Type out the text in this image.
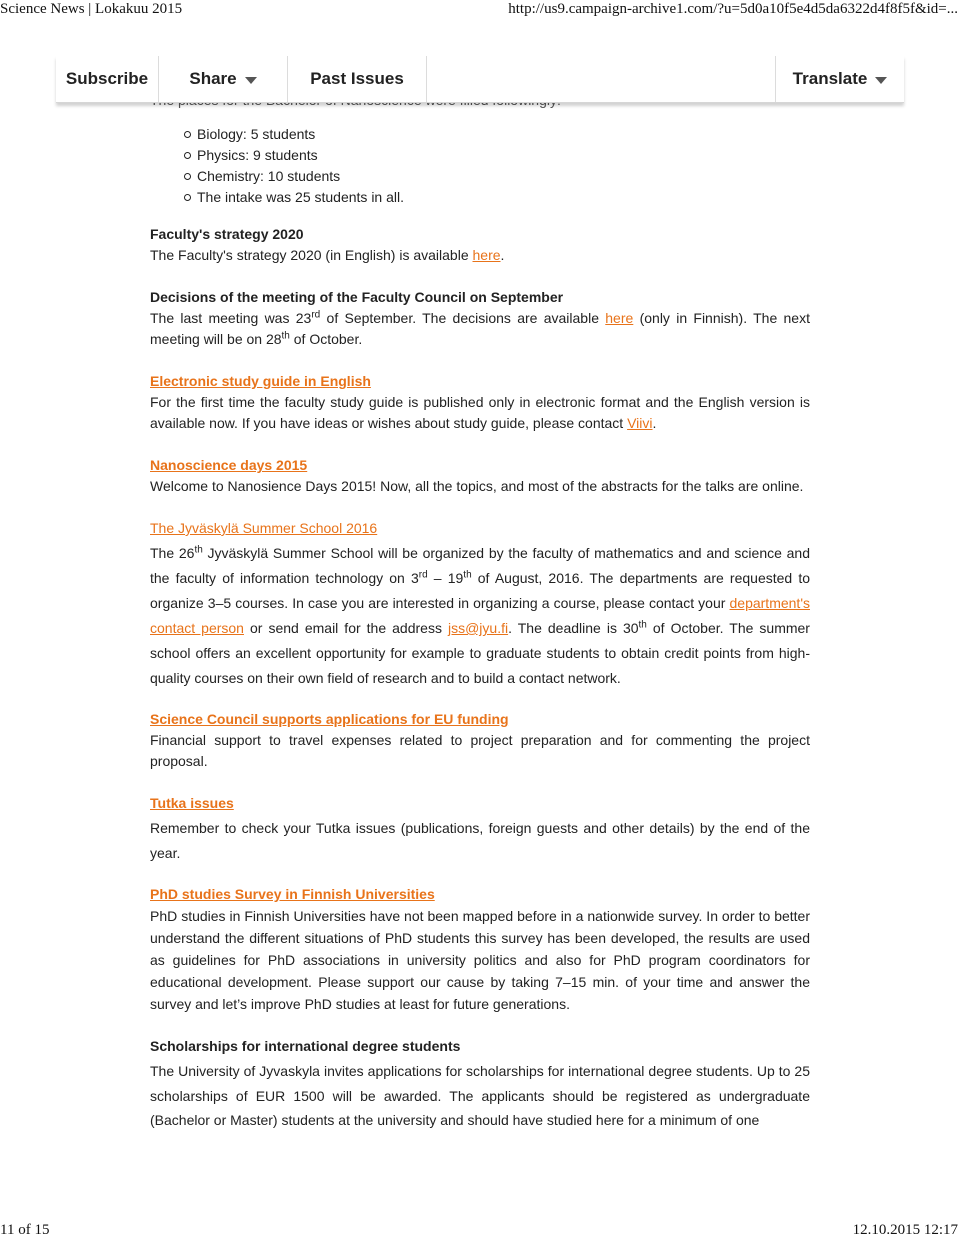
Science News | Lokakuu 2015	http://us9.campaign-archive1.com/?u=5d0a10f5e4d5da6322d4f8f5f&id=...
Subscribe Share	Past Issues	Translate
Biology: 5 students
Physics: 9 students
Chemistry: 10 students
The intake was 25 students in all.
Faculty's strategy 2020

The Faculty's strategy 2020 (in English) is available here.

Decisions of the meeting of the Faculty Council on September

The last meeting was 23rd of September. The decisions are available here (only in Finnish). The next meeting will be on 28th of October.

Electronic study guide in English

For the first time the faculty study guide is published only in electronic format and the English version is available now. If you have ideas or wishes about study guide, please contact Viivi.

Nanoscience days 2015

Welcome to Nanosience Days 2015! Now, all the topics, and most of the abstracts for the talks are online.

The Jyväskylä Summer School 2016

The 26th Jyväskylä Summer School will be organized by the faculty of mathematics and and science and the faculty of information technology on 3rd – 19th of August, 2016. The departments are requested to organize 3–5 courses. In case you are interested in organizing a course, please contact your department's contact person or send email for the address jss@jyu.fi. The deadline is 30th of October. The summer school offers an excellent opportunity for example to graduate students to obtain credit points from high-quality courses on their own field of research and to build a contact network.

Science Council supports applications for EU funding

Financial support to travel expenses related to project preparation and for commenting the project proposal.

Tutka issues

Remember to check your Tutka issues (publications, foreign guests and other details) by the end of the year.

PhD studies Survey in Finnish Universities

PhD studies in Finnish Universities have not been mapped before in a nationwide survey. In order to better understand the different situations of PhD students this survey has been developed, the results are used as guidelines for PhD associations in university politics and also for PhD program coordinators for educational development. Please support our cause by taking 7–15 min. of your time and answer the survey and let’s improve PhD studies at least for future generations.

Scholarships for international degree students

The University of Jyvaskyla invites applications for scholarships for international degree students. Up to 25 scholarships of EUR 1500 will be awarded. The applicants should be registered as undergraduate (Bachelor or Master) students at the university and should have studied here for a minimum of one

11 of 15	12.10.2015 12:17
